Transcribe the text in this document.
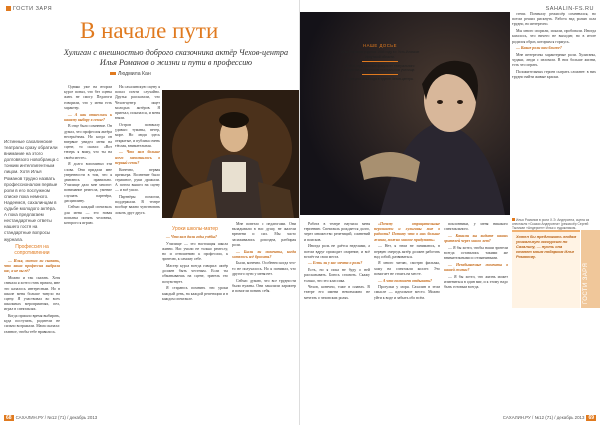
ГОСТИ ЗАРЯ
В начале пути
Хулиган с внешностью доброго сказочника актёр Чехов-центра Илья Романов о жизни и пути в профессию
Людмила Кан
Истинные сахалинские театралы сразу обратили внимание на этого долговязого новобранца с тонким интеллигентным лицом. Хотя Илья Романов трудно назвать профессионалом первые роли в его послужном списке пока немного. Надеемся, сахалинцам в судьбе молодого актёра. А пока предлагаем нестандартные ответы нашего гостя на стандартные вопросы журнала.
Профессия на сопротивлении

— Илья, можно ли сказать, что ваша профессия выбрала вас, а не вы её?

Можно и так сказать. Хотя сначала я хотел стать врачом, мне это казалось интересным. Но в школе меня больше тянуло на сцену. Я участвовал во всех школьных мероприятиях, пел, играл в спектаклях.

Когда пришло время выбирать, куда поступать, родители не сильно возражали. Мама сказала: главное, чтобы тебе нравилось.

Однако уже на втором курсе понял, что без сцены жить не смогу. Педагоги говорили, что у меня есть характер.

— А как отнеслись к вашему выбору в семье?

В отце было сомнение. Он думал, что профессия актёра несерьёзная. Но когда он впервые увидел меня на сцене, то сказал: «Вот теперь я вижу, что ты на своём месте».

Я долго вспоминал эти слова. Они придали мне уверенности в том, что я двигаюсь правильно. Училище дало мне многое: понимание ремесла, умение слушать партнёра, дисциплину.

Сейчас каждый спектакль для меня — это новая попытка понять человека, которого я играю.

На сахалинскую сцену я попал почти случайно. Друзья рассказали, что Чехов-центр ищет молодых актёров. Я приехал, показался, и меня взяли.

Остров поначалу удивил: туманы, ветер, море. Но люди здесь открытые, и публика очень тёплая, внимательная.

— Что вам больше всего запомнилось в первый сезон?

Конечно, первая премьера. Волнение было страшное, руки дрожали. А потом вышел на сцену — и всё ушло.

Партнёры помогли, поддержали. В театре вообще важно чувствовать локоть друг друга.

Уроки школы-матер

— Что вам дали годы учёбы?

Училище — это настоящая школа жизни. Нас учили не только ремеслу, но и отношению к профессии, к зрителю, к самому себе.

Мастер курса всегда говорил: актёр должен быть честным. Если ты обманываешь на сцене, зритель это почувствует.

Я стараюсь помнить эти уроки каждый день, на каждой репетиции и в каждом спектакле.

Мне повезло с педагогами. Они вкладывали в нас душу, не жалели времени и сил. Мы часто засиживались допоздна, разбирая роли.

— Были ли моменты, когда хотелось всё бросить?

Были, конечно. Особенно когда что-то не получалось. Но я понимал, что другого пути у меня нет.

Сейчас думаю, что все трудности были нужны. Они закалили характер и помогли понять себя.

68 САХАЛИН.РУ / №12 (71) / декабрь 2013
SAHALIN-FS.RU
НАШЕ ДОСЬЕ
Илья Романов родился 1985 году в г. Усть-Илимске Иркутской области.
В 2011 году окончил факультет театрального искусства в Иркутском театральном училище.
С августа 2013 года в труппе Чехов-центра.
Илья Романов в роли Х.Э. Андерсена, сцена из спектакля «Сказки Андерсена» (режиссёр Сергей Тыликан «Андерсен» Илья с художником-

степи. Поначалу режиссёр сомневался, но потом решил рискнуть. Работа над ролью шла трудно, но интересно.

Мы много спорили, искали, пробовали. Иногда казалось, что ничего не выходит, но в итоге родился образ, которым я горжусь.

— Какие роли вам ближе?

Мне интересны характерные роли. Хулиганы, чудаки, люди с изломом. В них больше жизни, есть что играть.

Положительных героев сыграть сложнее: в них трудно найти живые краски.

Работа в театре научила меня терпению. Спектакль рождается долго, через множество репетиций, сомнений и поисков.

Иногда роль не даётся неделями, а потом вдруг приходит озарение, и всё встаёт на свои места.

— Есть ли у вас мечта о роли?

Есть, но я пока не буду о ней рассказывать. Боюсь сглазить. Скажу только, что это классика.

Чехов, конечно, тоже в планах. В театре его имени невозможно не мечтать о чеховских ролях.

«Почему отрицательные персонажи и хулиганы мне в радость? Потому что в них больше жизни, можно многое придумать»

— Нет, я этим не занимаюсь, в первую очередь актёр должен работать над собой, развиваться.

Я много читаю, смотрю фильмы, хожу на спектакли коллег. Это помогает не стоять на месте.

— А что помогает отдыхать?

Прогулки у моря. Сахалин в этом смысле — идеальное место. Можно уйти к воде и забыть обо всём.

поклонники, у меня никакого спектакльного.

— Какими вы видите ваших зрителей через много лет?

— Я бы хотел, чтобы наши зрители всегда оставались такими же внимательными и отзывчивыми.

— Незабываемые моменты в вашей жизни?

— Я бы хотел, что жизнь может измениться в один миг, и к этому надо быть готовым всегда.

Хотел бы предложить людям уникальную экскурсию по Сахалину, — пусть она станет моим подарком Илье Романову.
ГОСТИ ЗАРЯ
САХАЛИН.РУ / №12 (71) / декабрь 2013 69
